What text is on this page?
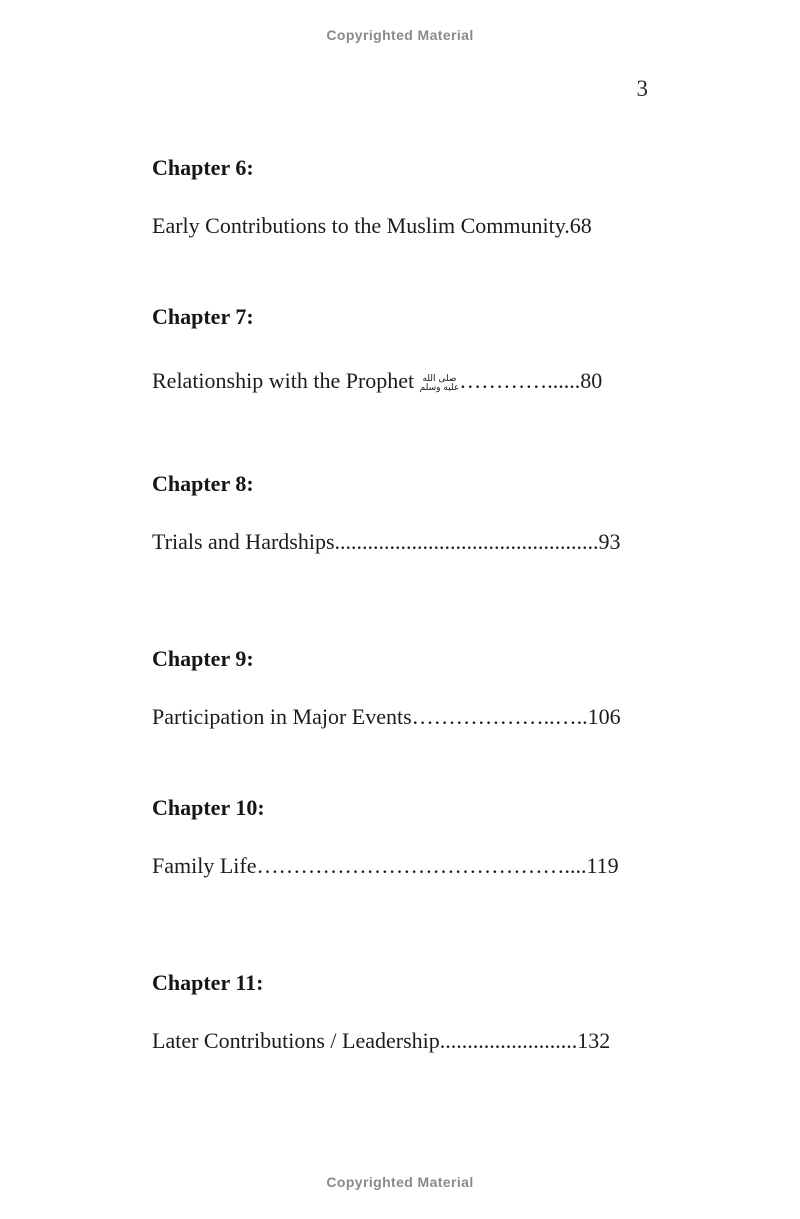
Copyrighted Material
3
Chapter 6:
Early Contributions to the Muslim Community.68
Chapter 7:
Relationship with the Prophet صلى الله
عليه وسلم …………......80
Chapter 8:
Trials and Hardships................................................93
Chapter 9:
Participation in Major Events………………..…..106
Chapter 10:
Family Life……………………………………....119
Chapter 11:
Later Contributions / Leadership.........................132
Copyrighted Material
